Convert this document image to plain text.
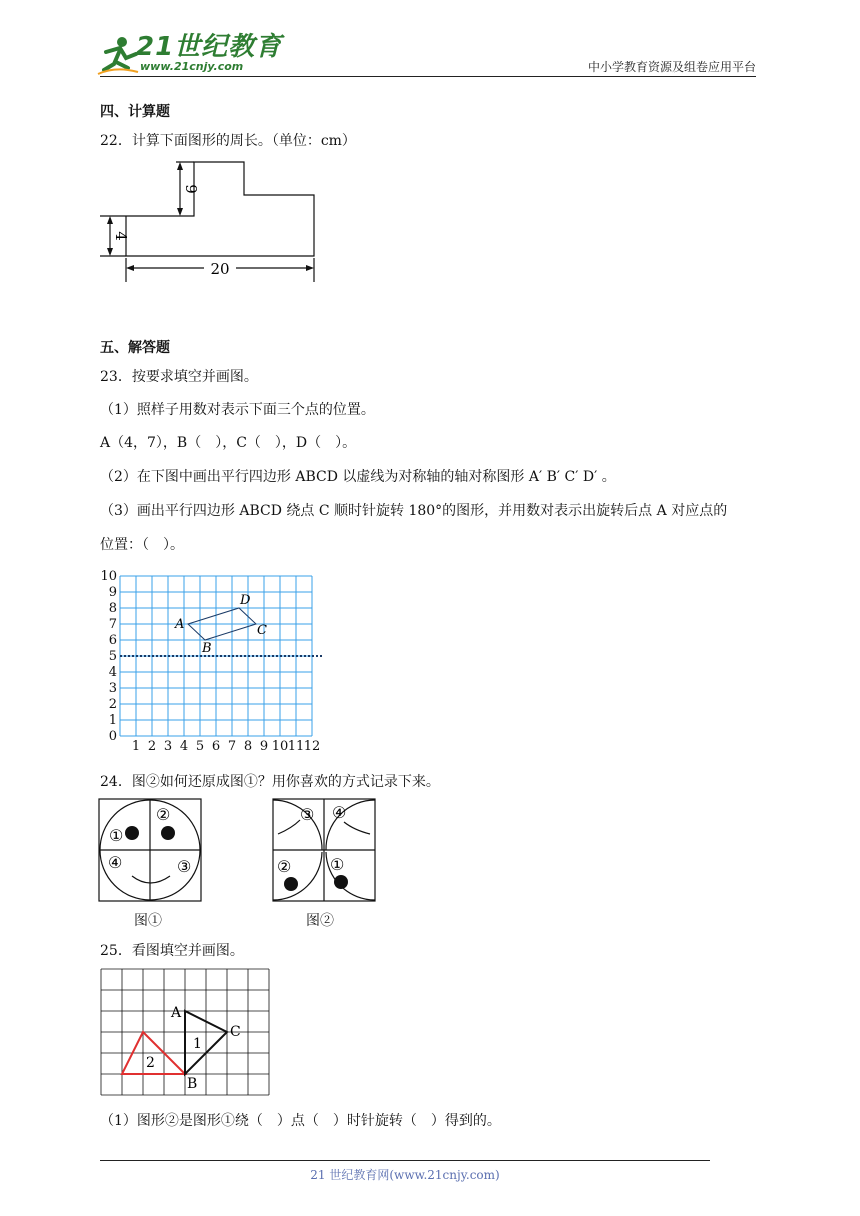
21世纪教育
www.21cnjy.com	中小学教育资源及组卷应用平台
四、计算题
22．计算下面图形的周长。（单位：cm）
9
4
20
五、解答题
23．按要求填空并画图。
（1）照样子用数对表示下面三个点的位置。
A（4，7），B（　），C（　），D（　）。
（2）在下图中画出平行四边形 ABCD 以虚线为对称轴的轴对称图形 A′ B′ C′ D′ 。
（3）画出平行四边形 ABCD 绕点 C 顺时针旋转 180°的图形，并用数对表示出旋转后点 A 对应点的
位置：（　）。
1 2 3 4 5 6 7 8 9 10 11 12
0
1
2
3
4
5
6
7
8
9
10
A
B
C
D
24．图②如何还原成图①？用你喜欢的方式记录下来。
①
②
③
④
图①
③ ④
② ①
图②
25．看图填空并画图。
A
B
C
1
2
（1）图形②是图形①绕（　）点（　）时针旋转（　）得到的。
21 世纪教育网(www.21cnjy.com)
